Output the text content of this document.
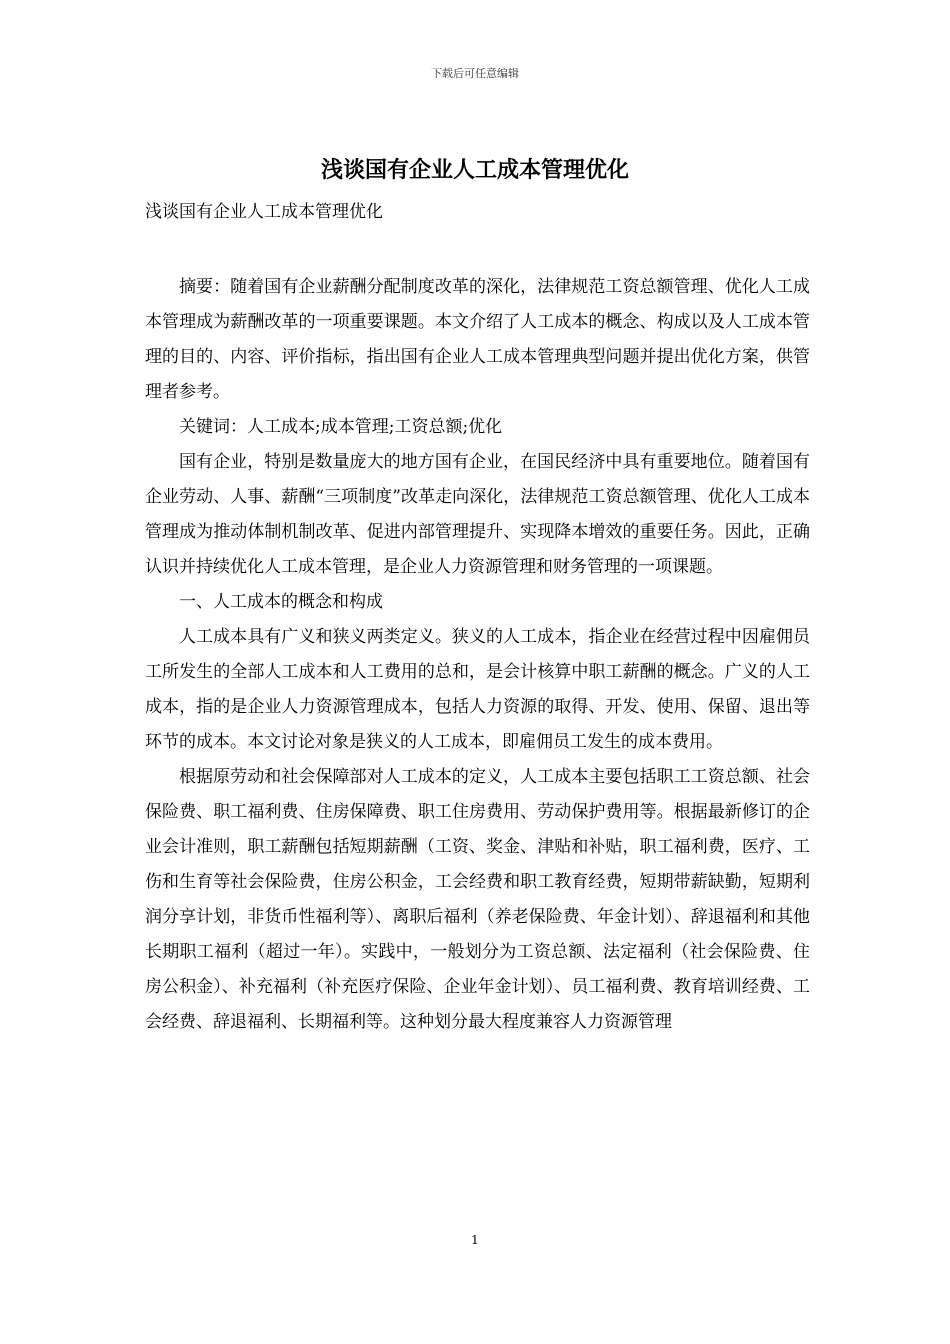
下载后可任意编辑
浅谈国有企业人工成本管理优化
浅谈国有企业人工成本管理优化

摘要：随着国有企业薪酬分配制度改革的深化，法律规范工资总额管理、优化人工成本管理成为薪酬改革的一项重要课题。本文介绍了人工成本的概念、构成以及人工成本管理的目的、内容、评价指标，指出国有企业人工成本管理典型问题并提出优化方案，供管理者参考。

关键词：人工成本;成本管理;工资总额;优化

国有企业，特别是数量庞大的地方国有企业，在国民经济中具有重要地位。随着国有企业劳动、人事、薪酬“三项制度”改革走向深化，法律规范工资总额管理、优化人工成本管理成为推动体制机制改革、促进内部管理提升、实现降本增效的重要任务。因此，正确认识并持续优化人工成本管理，是企业人力资源管理和财务管理的一项课题。

一、人工成本的概念和构成

人工成本具有广义和狭义两类定义。狭义的人工成本，指企业在经营过程中因雇佣员工所发生的全部人工成本和人工费用的总和，是会计核算中职工薪酬的概念。广义的人工成本，指的是企业人力资源管理成本，包括人力资源的取得、开发、使用、保留、退出等环节的成本。本文讨论对象是狭义的人工成本，即雇佣员工发生的成本费用。

根据原劳动和社会保障部对人工成本的定义，人工成本主要包括职工工资总额、社会保险费、职工福利费、住房保障费、职工住房费用、劳动保护费用等。根据最新修订的企业会计准则，职工薪酬包括短期薪酬（工资、奖金、津贴和补贴，职工福利费，医疗、工伤和生育等社会保险费，住房公积金，工会经费和职工教育经费，短期带薪缺勤，短期利润分享计划，非货币性福利等）、离职后福利（养老保险费、年金计划）、辞退福利和其他长期职工福利（超过一年）。实践中，一般划分为工资总额、法定福利（社会保险费、住房公积金）、补充福利（补充医疗保险、企业年金计划）、员工福利费、教育培训经费、工会经费、辞退福利、长期福利等。这种划分最大程度兼容人力资源管理

1
